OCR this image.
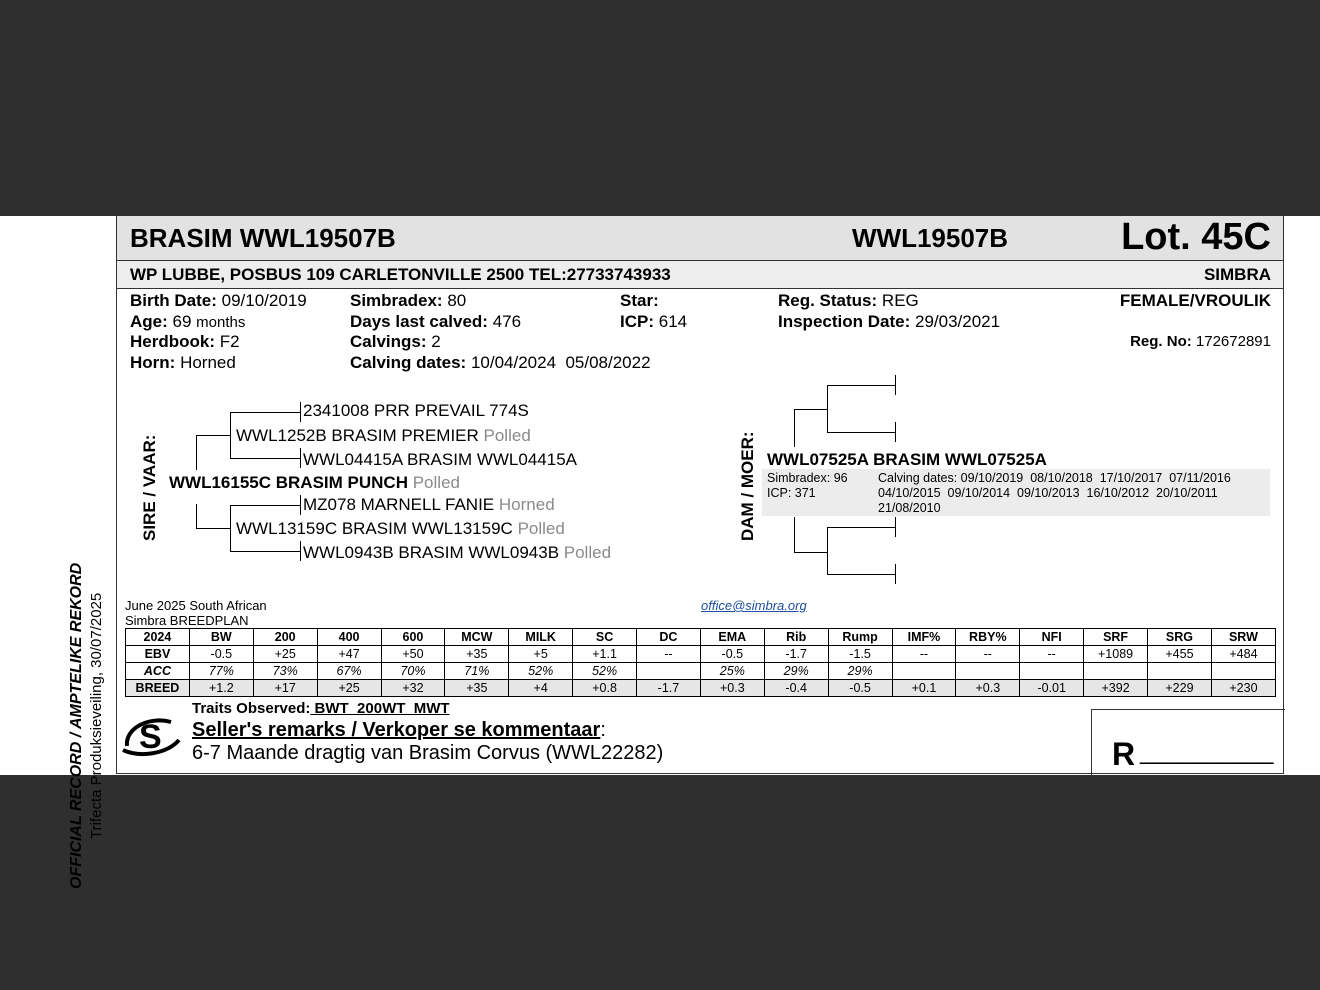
OFFICIAL RECORD / AMPTELIKE REKORD Trifecta Produksieveiling, 30/07/2025
BRASIM WWL19507B	WWL19507B	Lot. 45C
WP LUBBE, POSBUS 109 CARLETONVILLE 2500 TEL:27733743933	SIMBRA
Birth Date: 09/10/2019
Age: 69 months
Herdbook: F2
Horn: Horned
Simbradex: 80
Days last calved: 476
Calvings: 2
Calving dates: 10/04/2024  05/08/2022
Star:
ICP: 614
Reg. Status: REG
Inspection Date: 29/03/2021
FEMALE/VROULIK
Reg. No: 172672891
SIRE / VAAR:
2341008 PRR PREVAIL 774S
WWL1252B BRASIM PREMIER Polled
WWL04415A BRASIM WWL04415A
WWL16155C BRASIM PUNCH Polled
MZ078 MARNELL FANIE Horned
WWL13159C BRASIM WWL13159C Polled
WWL0943B BRASIM WWL0943B Polled
DAM / MOER: WWL07525A BRASIM WWL07525A
Simbradex: 96
ICP: 371
Calving dates: 09/10/2019  08/10/2018  17/10/2017  07/11/2016
04/10/2015  09/10/2014  09/10/2013  16/10/2012  20/10/2011
21/08/2010
June 2025 South African
Simbra BREEDPLAN
office@simbra.org
2024	BW	200	400	600	MCW	MILK	SC	DC	EMA	Rib	Rump	IMF%	RBY%	NFI	SRF	SRG	SRW
EBV	-0.5	+25	+47	+50	+35	+5	+1.1	--	-0.5	-1.7	-1.5	--	--	--	+1089	+455	+484
ACC	77%	73%	67%	70%	71%	52%	52%		25%	29%	29%						
BREED	+1.2	+17	+25	+32	+35	+4	+0.8	-1.7	+0.3	-0.4	-0.5	+0.1	+0.3	-0.01	+392	+229	+230
S
Traits Observed: BWT  200WT  MWT
Seller's remarks / Verkoper se kommentaar:
6-7 Maande dragtig van Brasim Corvus (WWL22282)	R __________
